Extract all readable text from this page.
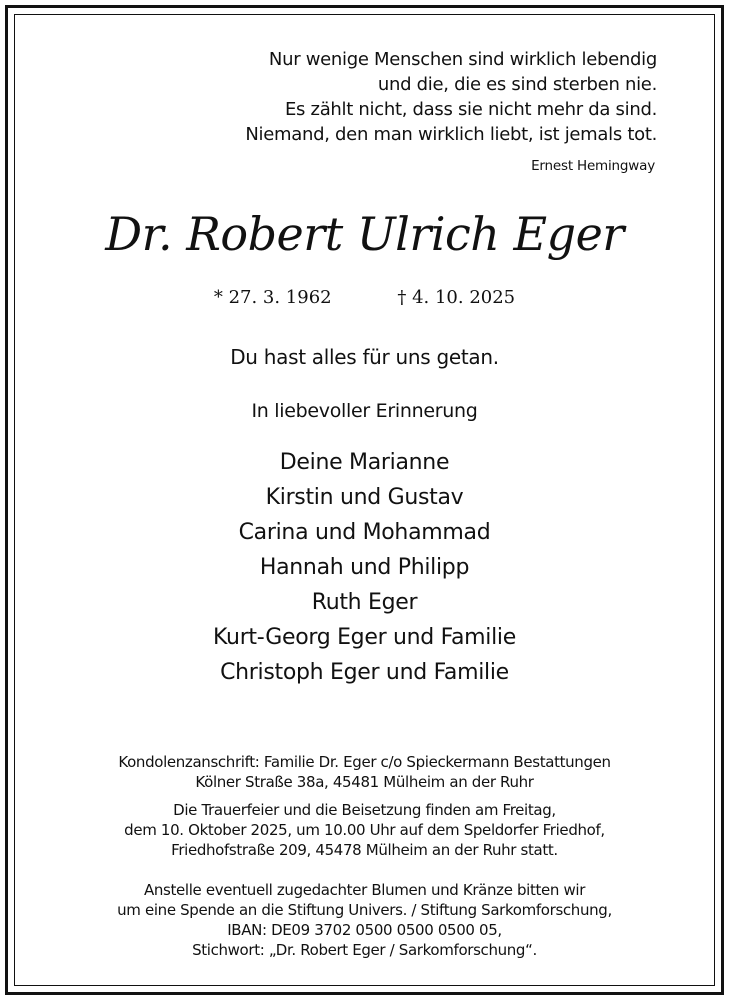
Nur wenige Menschen sind wirklich lebendig
und die, die es sind sterben nie.
Es zählt nicht, dass sie nicht mehr da sind.
Niemand, den man wirklich liebt, ist jemals tot.
Ernest Hemingway
Dr. Robert Ulrich Eger
* 27. 3. 1962	† 4. 10. 2025
Du hast alles für uns getan.
In liebevoller Erinnerung
Deine Marianne
Kirstin und Gustav
Carina und Mohammad
Hannah und Philipp
Ruth Eger
Kurt-Georg Eger und Familie
Christoph Eger und Familie
Kondolenzanschrift: Familie Dr. Eger c/o Spieckermann Bestattungen
Kölner Straße 38a, 45481 Mülheim an der Ruhr
Die Trauerfeier und die Beisetzung finden am Freitag,
dem 10. Oktober 2025, um 10.00 Uhr auf dem Speldorfer Friedhof,
Friedhofstraße 209, 45478 Mülheim an der Ruhr statt.
Anstelle eventuell zugedachter Blumen und Kränze bitten wir
um eine Spende an die Stiftung Univers. / Stiftung Sarkomforschung,
IBAN: DE09 3702 0500 0500 0500 05,
Stichwort: „Dr. Robert Eger / Sarkomforschung“.
